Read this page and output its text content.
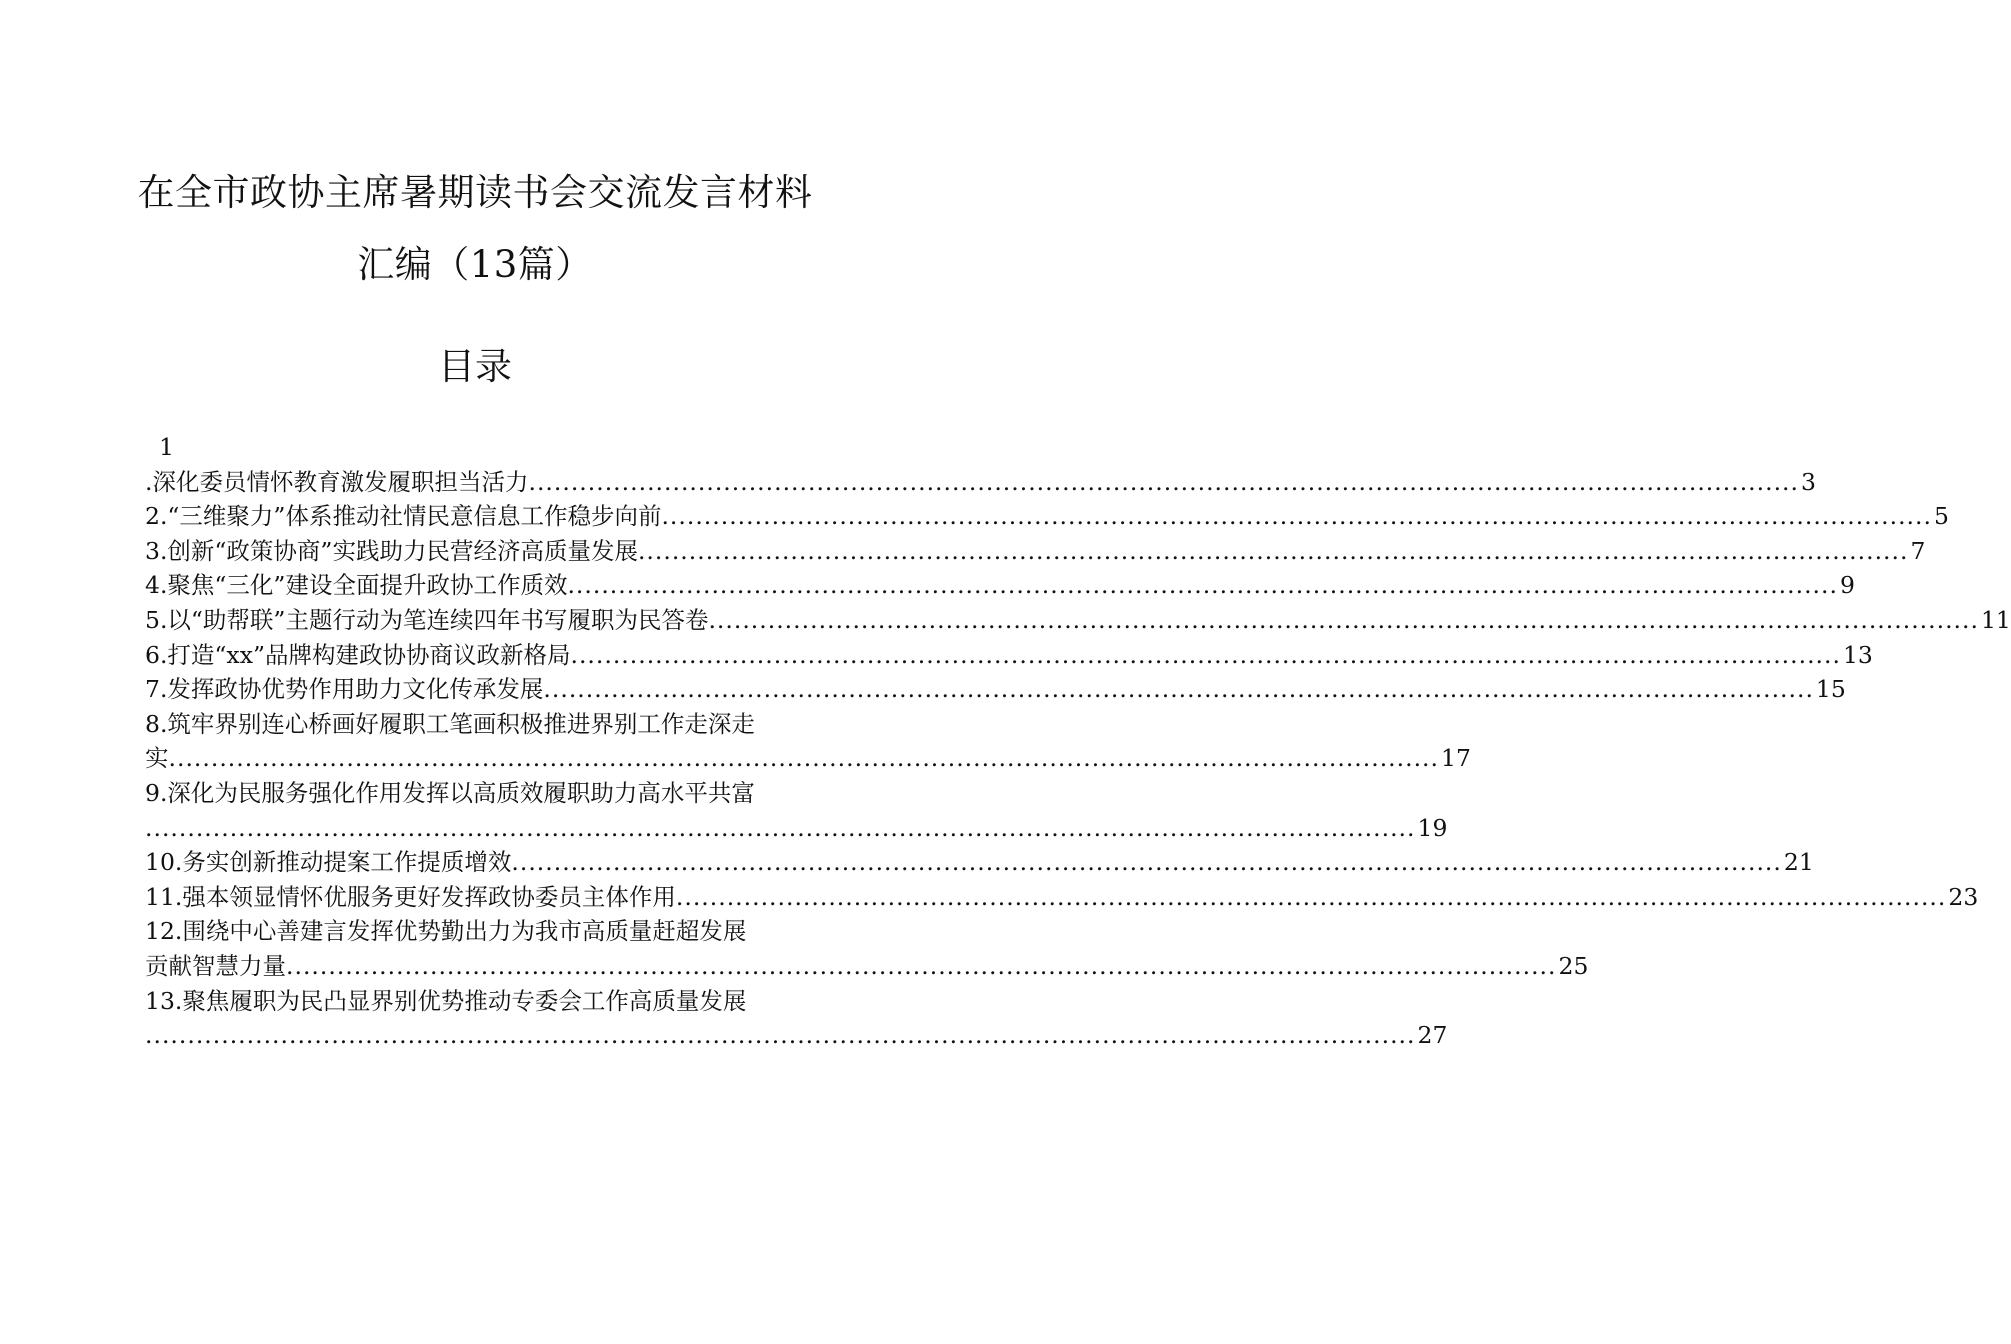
在全市政协主席暑期读书会交流发言材料
汇编（13篇）
目录
1
.深化委员情怀教育激发履职担当活力 ...................................................................................................................................................... 3
2.“三维聚力”体系推动社情民意信息工作稳步向前 ...................................................................................................................................................... 5
3.创新“政策协商”实践助力民营经济高质量发展 ...................................................................................................................................................... 7
4.聚焦“三化”建设全面提升政协工作质效 ...................................................................................................................................................... 9
5.以“助帮联”主题行动为笔连续四年书写履职为民答卷 ...................................................................................................................................................... 11
6.打造“xx”品牌构建政协协商议政新格局 ...................................................................................................................................................... 13
7.发挥政协优势作用助力文化传承发展 ...................................................................................................................................................... 15
8.筑牢界别连心桥画好履职工笔画积极推进界别工作走深走
实 ...................................................................................................................................................... 17
9.深化为民服务强化作用发挥以高质效履职助力高水平共富
...................................................................................................................................................... 19
10.务实创新推动提案工作提质增效 ...................................................................................................................................................... 21
11.强本领显情怀优服务更好发挥政协委员主体作用 ...................................................................................................................................................... 23
12.围绕中心善建言发挥优势勤出力为我市高质量赶超发展
贡献智慧力量 ...................................................................................................................................................... 25
13.聚焦履职为民凸显界别优势推动专委会工作高质量发展
...................................................................................................................................................... 27
